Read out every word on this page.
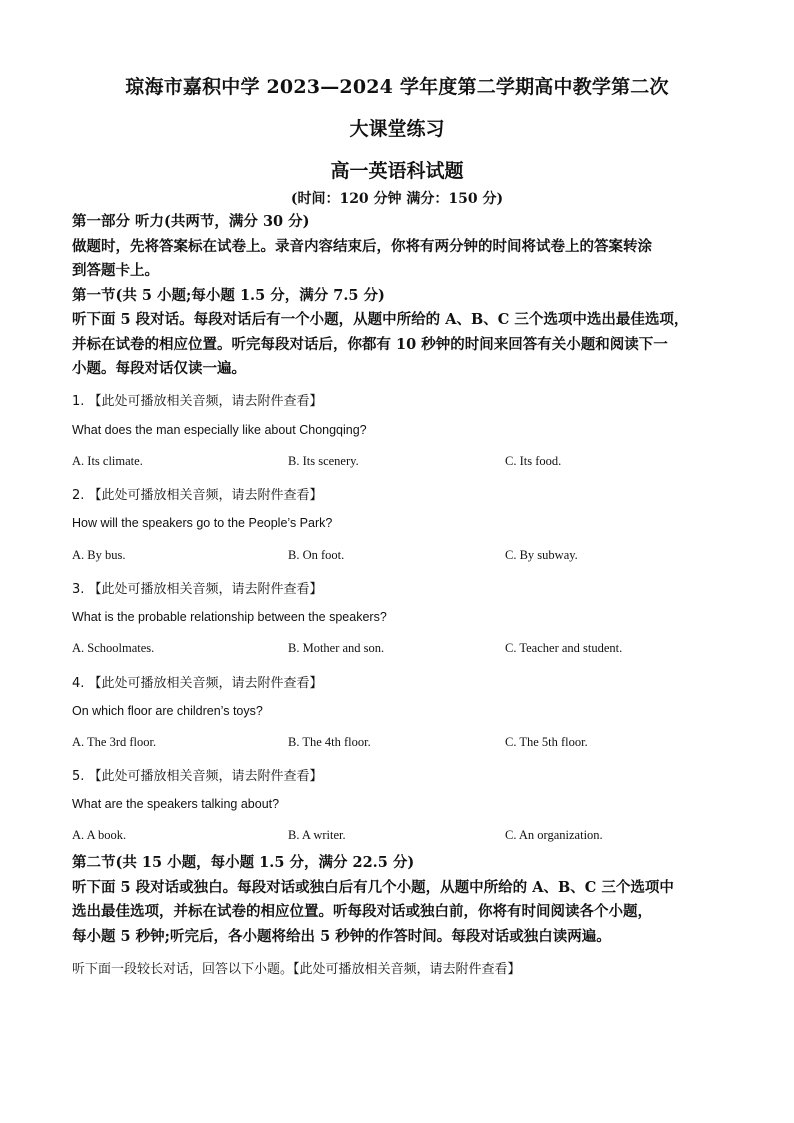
琼海市嘉积中学 2023—2024 学年度第二学期高中教学第二次
大课堂练习
高一英语科试题
(时间：120 分钟 满分：150 分)
第一部分 听力(共两节，满分 30 分)
做题时，先将答案标在试卷上。录音内容结束后，你将有两分钟的时间将试卷上的答案转涂
到答题卡上。
第一节(共 5 小题;每小题 1.5 分，满分 7.5 分)
听下面 5 段对话。每段对话后有一个小题，从题中所给的 A、B、C 三个选项中选出最佳选项，
并标在试卷的相应位置。听完每段对话后，你都有 10 秒钟的时间来回答有关小题和阅读下一
小题。每段对话仅读一遍。
1. 【此处可播放相关音频，请去附件查看】
What does the man especially like about Chongqing?
A. Its climate.	B. Its scenery.	C. Its food.
2. 【此处可播放相关音频，请去附件查看】
How will the speakers go to the People’s Park?
A. By bus.	B. On foot.	C. By subway.
3. 【此处可播放相关音频，请去附件查看】
What is the probable relationship between the speakers?
A. Schoolmates.	B. Mother and son.	C. Teacher and student.
4. 【此处可播放相关音频，请去附件查看】
On which floor are children’s toys?
A. The 3rd floor.	B. The 4th floor.	C. The 5th floor.
5. 【此处可播放相关音频，请去附件查看】
What are the speakers talking about?
A. A book.	B. A writer.	C. An organization.
第二节(共 15 小题，每小题 1.5 分，满分 22.5 分)
听下面 5 段对话或独白。每段对话或独白后有几个小题，从题中所给的 A、B、C 三个选项中
选出最佳选项，并标在试卷的相应位置。听每段对话或独白前，你将有时间阅读各个小题，
每小题 5 秒钟;听完后，各小题将给出 5 秒钟的作答时间。每段对话或独白读两遍。
听下面一段较长对话，回答以下小题。【此处可播放相关音频，请去附件查看】
